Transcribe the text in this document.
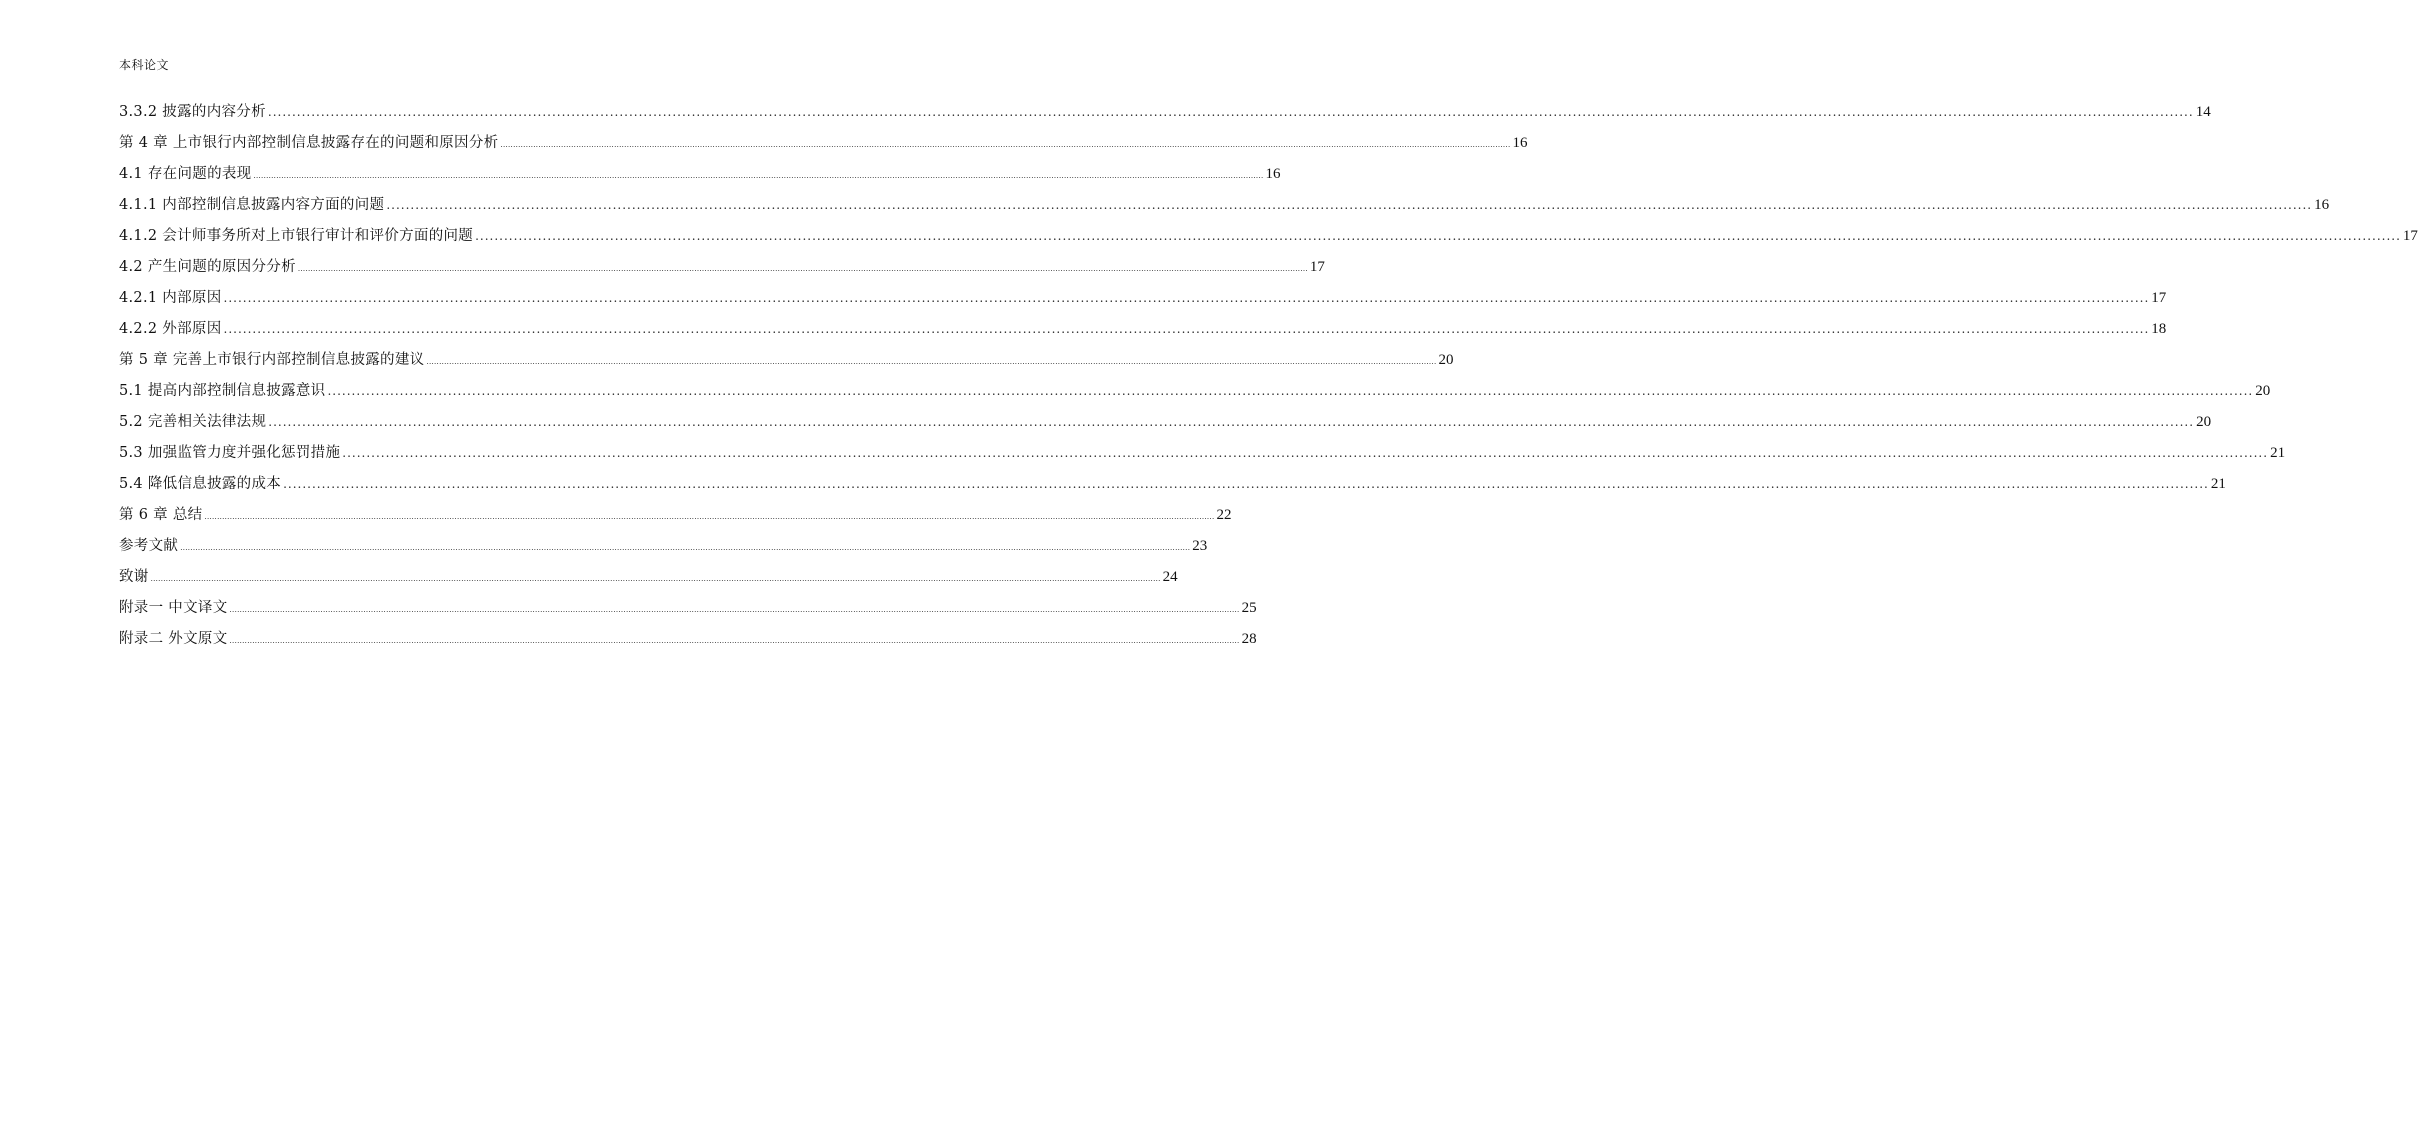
本科论文
3.3.2 披露的内容分析 ................................................................................................................................................................................................................................................................................................................................................................................................................ 14
第 4 章 上市银行内部控制信息披露存在的问题和原因分析 ................................................................................................................................................................................................................................................................................................................................................................................................................ 16
4.1 存在问题的表现 ................................................................................................................................................................................................................................................................................................................................................................................................................ 16
4.1.1 内部控制信息披露内容方面的问题 ................................................................................................................................................................................................................................................................................................................................................................................................................ 16
4.1.2 会计师事务所对上市银行审计和评价方面的问题 ................................................................................................................................................................................................................................................................................................................................................................................................................ 17
4.2 产生问题的原因分分析 ................................................................................................................................................................................................................................................................................................................................................................................................................ 17
4.2.1 内部原因 ................................................................................................................................................................................................................................................................................................................................................................................................................ 17
4.2.2 外部原因 ................................................................................................................................................................................................................................................................................................................................................................................................................ 18
第 5 章 完善上市银行内部控制信息披露的建议 ................................................................................................................................................................................................................................................................................................................................................................................................................ 20
5.1 提高内部控制信息披露意识 ................................................................................................................................................................................................................................................................................................................................................................................................................ 20
5.2 完善相关法律法规 ................................................................................................................................................................................................................................................................................................................................................................................................................ 20
5.3 加强监管力度并强化惩罚措施 ................................................................................................................................................................................................................................................................................................................................................................................................................ 21
5.4 降低信息披露的成本 ................................................................................................................................................................................................................................................................................................................................................................................................................ 21
第 6 章 总结 ................................................................................................................................................................................................................................................................................................................................................................................................................ 22
参考文献 ................................................................................................................................................................................................................................................................................................................................................................................................................ 23
致谢 ................................................................................................................................................................................................................................................................................................................................................................................................................ 24
附录一 中文译文 ................................................................................................................................................................................................................................................................................................................................................................................................................ 25
附录二 外文原文 ................................................................................................................................................................................................................................................................................................................................................................................................................ 28
